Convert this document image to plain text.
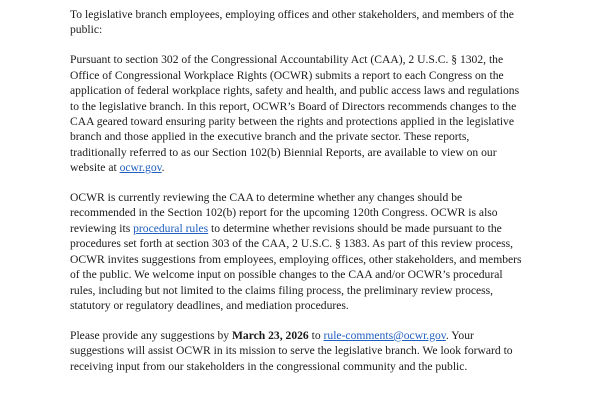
To legislative branch employees, employing offices and other stakeholders, and members of the public:

Pursuant to section 302 of the Congressional Accountability Act (CAA), 2 U.S.C. § 1302, the Office of Congressional Workplace Rights (OCWR) submits a report to each Congress on the application of federal workplace rights, safety and health, and public access laws and regulations to the legislative branch. In this report, OCWR’s Board of Directors recommends changes to the CAA geared toward ensuring parity between the rights and protections applied in the legislative branch and those applied in the executive branch and the private sector. These reports, traditionally referred to as our Section 102(b) Biennial Reports, are available to view on our website at ocwr.gov.

OCWR is currently reviewing the CAA to determine whether any changes should be recommended in the Section 102(b) report for the upcoming 120th Congress. OCWR is also reviewing its procedural rules to determine whether revisions should be made pursuant to the procedures set forth at section 303 of the CAA, 2 U.S.C. § 1383. As part of this review process, OCWR invites suggestions from employees, employing offices, other stakeholders, and members of the public. We welcome input on possible changes to the CAA and/or OCWR’s procedural rules, including but not limited to the claims filing process, the preliminary review process, statutory or regulatory deadlines, and mediation procedures.

Please provide any suggestions by March 23, 2026 to rule-comments@ocwr.gov. Your suggestions will assist OCWR in its mission to serve the legislative branch. We look forward to receiving input from our stakeholders in the congressional community and the public.
